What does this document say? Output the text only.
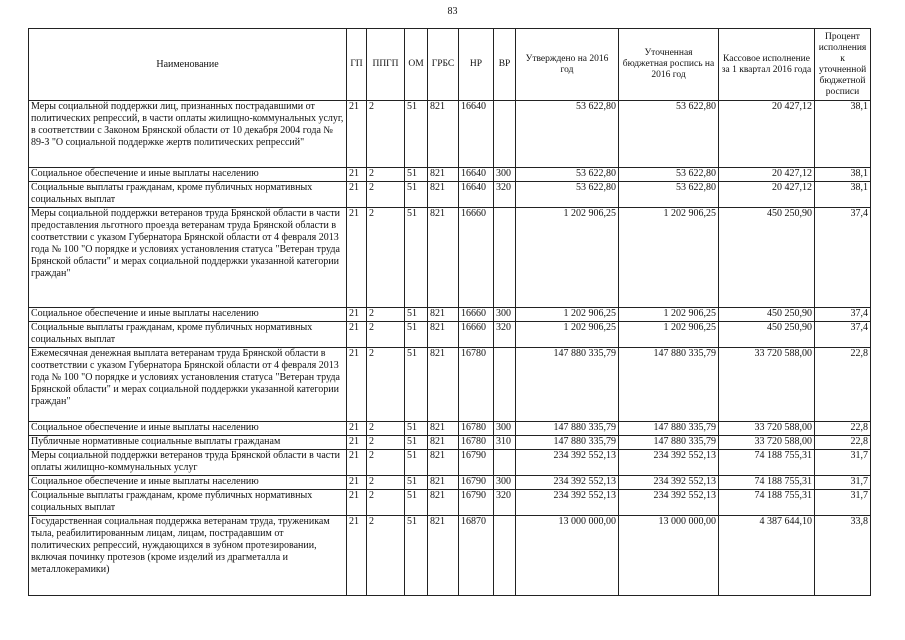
83
Наименование	ГП	ППГП	ОМ	ГРБС	НР	ВР	Утверждено на 2016 год	Уточненная бюджетная роспись на 2016 год	Кассовое исполнение за 1 квартал 2016 года	Процент исполнения к уточненной бюджетной росписи
Меры социальной поддержки лиц, признанных пострадавшими от политических репрессий, в части оплаты жилищно-коммунальных услуг, в соответствии с Законом Брянской области от 10 декабря 2004 года № 89-З "О социальной поддержке жертв политических репрессий"	21	2	51	821	16640		53 622,80	53 622,80	20 427,12	38,1
Социальное обеспечение и иные выплаты населению	21	2	51	821	16640	300	53 622,80	53 622,80	20 427,12	38,1
Социальные выплаты гражданам, кроме публичных нормативных социальных выплат	21	2	51	821	16640	320	53 622,80	53 622,80	20 427,12	38,1
Меры социальной поддержки ветеранов труда Брянской области в части предоставления льготного проезда ветеранам труда Брянской области в соответствии с указом Губернатора Брянской области от 4 февраля 2013 года № 100 "О порядке и условиях установления статуса "Ветеран труда Брянской области" и мерах социальной поддержки указанной категории граждан"	21	2	51	821	16660		1 202 906,25	1 202 906,25	450 250,90	37,4
Социальное обеспечение и иные выплаты населению	21	2	51	821	16660	300	1 202 906,25	1 202 906,25	450 250,90	37,4
Социальные выплаты гражданам, кроме публичных нормативных социальных выплат	21	2	51	821	16660	320	1 202 906,25	1 202 906,25	450 250,90	37,4
Ежемесячная денежная выплата ветеранам труда Брянской области в соответствии с указом Губернатора Брянской области от 4 февраля 2013 года № 100 "О порядке и условиях установления статуса "Ветеран труда Брянской области" и мерах социальной поддержки указанной категории граждан"	21	2	51	821	16780		147 880 335,79	147 880 335,79	33 720 588,00	22,8
Социальное обеспечение и иные выплаты населению	21	2	51	821	16780	300	147 880 335,79	147 880 335,79	33 720 588,00	22,8
Публичные нормативные социальные выплаты гражданам	21	2	51	821	16780	310	147 880 335,79	147 880 335,79	33 720 588,00	22,8
Меры социальной поддержки ветеранов труда Брянской области в части оплаты жилищно-коммунальных услуг	21	2	51	821	16790		234 392 552,13	234 392 552,13	74 188 755,31	31,7
Социальное обеспечение и иные выплаты населению	21	2	51	821	16790	300	234 392 552,13	234 392 552,13	74 188 755,31	31,7
Социальные выплаты гражданам, кроме публичных нормативных социальных выплат	21	2	51	821	16790	320	234 392 552,13	234 392 552,13	74 188 755,31	31,7
Государственная социальная поддержка ветеранам труда, труженикам тыла, реабилитированным лицам, лицам, пострадавшим от политических репрессий, нуждающихся в зубном протезировании, включая починку протезов (кроме изделий из драгметалла и металлокерамики)	21	2	51	821	16870		13 000 000,00	13 000 000,00	4 387 644,10	33,8
